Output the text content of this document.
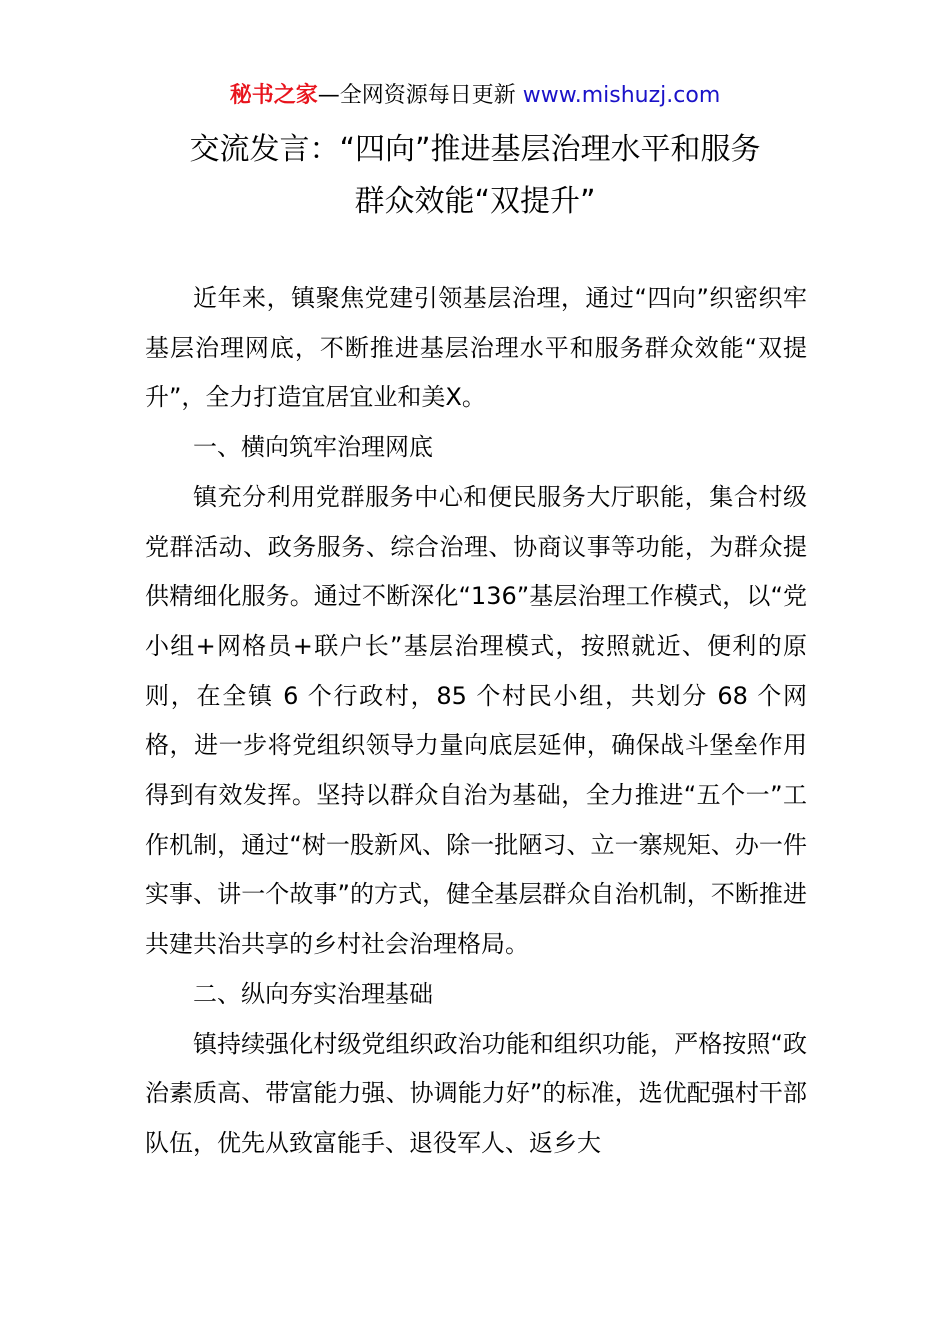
秘书之家—全网资源每日更新 www.mishuzj.com
交流发言：“四向”推进基层治理水平和服务
群众效能“双提升”

近年来，镇聚焦党建引领基层治理，通过“四向”织密织牢基层治理网底，不断推进基层治理水平和服务群众效能“双提升”，全力打造宜居宜业和美X。

一、横向筑牢治理网底

镇充分利用党群服务中心和便民服务大厅职能，集合村级党群活动、政务服务、综合治理、协商议事等功能，为群众提供精细化服务。通过不断深化“136”基层治理工作模式，以“党小组+网格员+联户长”基层治理模式，按照就近、便利的原则，在全镇 6 个行政村，85 个村民小组，共划分 68 个网格，进一步将党组织领导力量向底层延伸，确保战斗堡垒作用得到有效发挥。坚持以群众自治为基础，全力推进“五个一”工作机制，通过“树一股新风、除一批陋习、立一寨规矩、办一件实事、讲一个故事”的方式，健全基层群众自治机制，不断推进共建共治共享的乡村社会治理格局。

二、纵向夯实治理基础

镇持续强化村级党组织政治功能和组织功能，严格按照“政治素质高、带富能力强、协调能力好”的标准，选优配强村干部队伍，优先从致富能手、退役军人、返乡大
